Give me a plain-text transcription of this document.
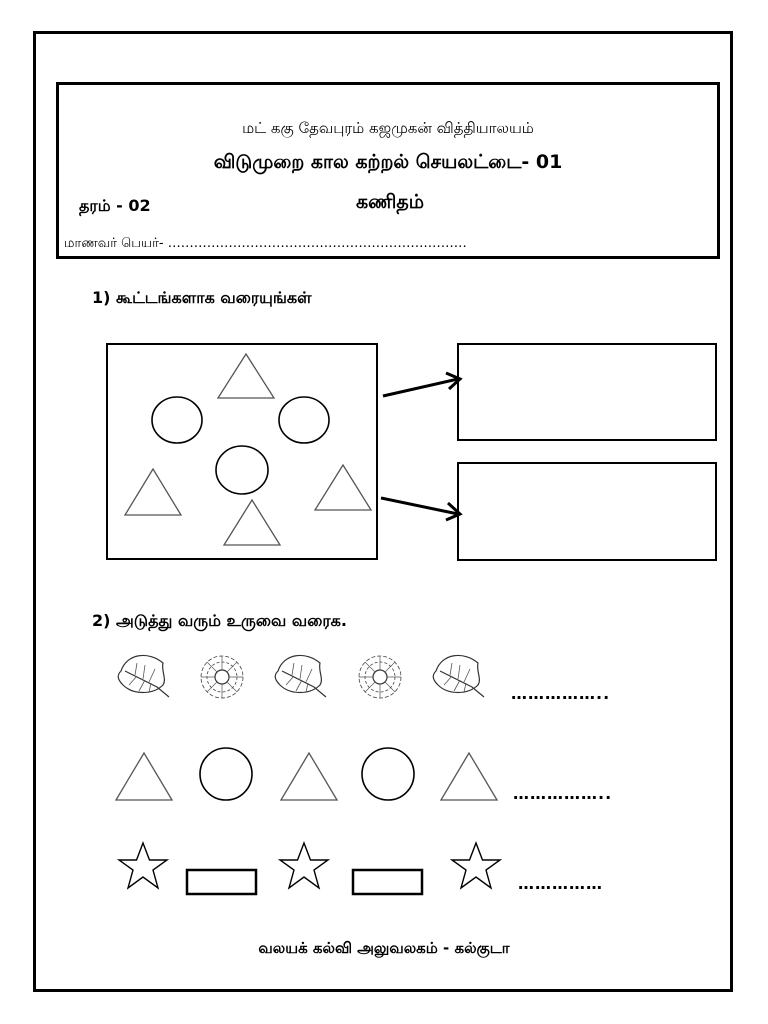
மட் ககு தேவபுரம் கஜமுகன் வித்தியாலயம்
விடுமுறை கால கற்றல் செயலட்டை- 01
தரம் - 02	கணிதம்
மாணவர் பெயர்- ……………………………………………………………
1) கூட்டங்களாக வரையுங்கள்
2) அடுத்து வரும் உருவை வரைக.
……………..
……………..
……………
வலயக் கல்வி அலுவலகம் - கல்குடா
